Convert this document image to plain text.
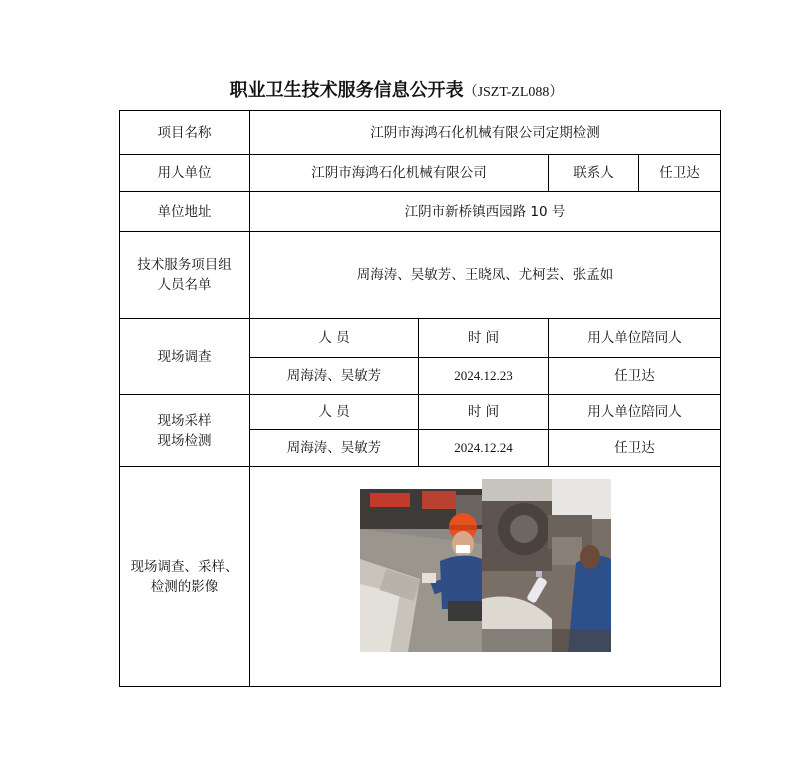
职业卫生技术服务信息公开表（JSZT-ZL088）
项目名称	江阴市海鸿石化机械有限公司定期检测			
用人单位	江阴市海鸿石化机械有限公司		联系人	任卫达
单位地址	江阴市新桥镇西园路 10 号			

技术服务项目组
人员名单	周海涛、吴敏芳、王晓凤、尤柯芸、张孟如			
现场调查	人 员	时 间	用人单位陪同人	
	周海涛、吴敏芳	2024.12.23	任卫达	

现场采样
现场检测	人 员	时 间	用人单位陪同人	
	周海涛、吴敏芳	2024.12.24	任卫达	

现场调查、采样、
检测的影像
